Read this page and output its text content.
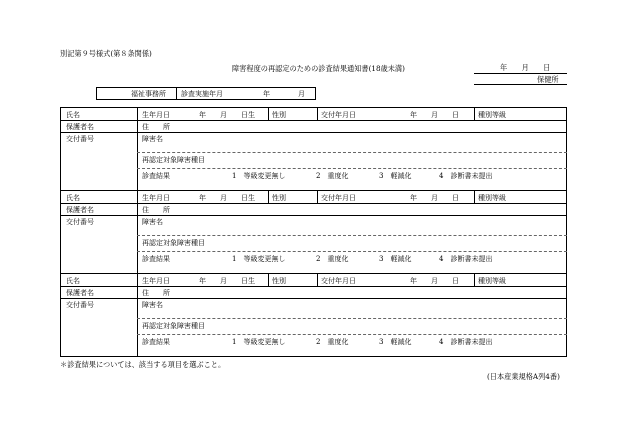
別記第９号様式(第８条関係)
障害程度の再認定のための診査結果通知書(18歳未満)	年　　月　　日
保健所
福祉事務所 診査実施年月	年　　　　月
氏名	生年月日	年　　月　　日生 性別	交付年月日	年　　月　　日	種別等級
保護者名	住　　所
交付番号	障害名
再認定対象障害種目
診査結果	1　等級変更無し	2　重度化	3　軽減化	4　診断書未提出
氏名	生年月日	年　　月　　日生 性別	交付年月日	年　　月　　日	種別等級
保護者名	住　　所
交付番号	障害名
再認定対象障害種目
診査結果	1　等級変更無し	2　重度化	3　軽減化	4　診断書未提出
氏名	生年月日	年　　月　　日生 性別	交付年月日	年　　月　　日	種別等級
保護者名	住　　所
交付番号	障害名
再認定対象障害種目
診査結果	1　等級変更無し	2　重度化	3　軽減化	4　診断書未提出
＊診査結果については、該当する項目を選ぶこと。
(日本産業規格A列4番)
